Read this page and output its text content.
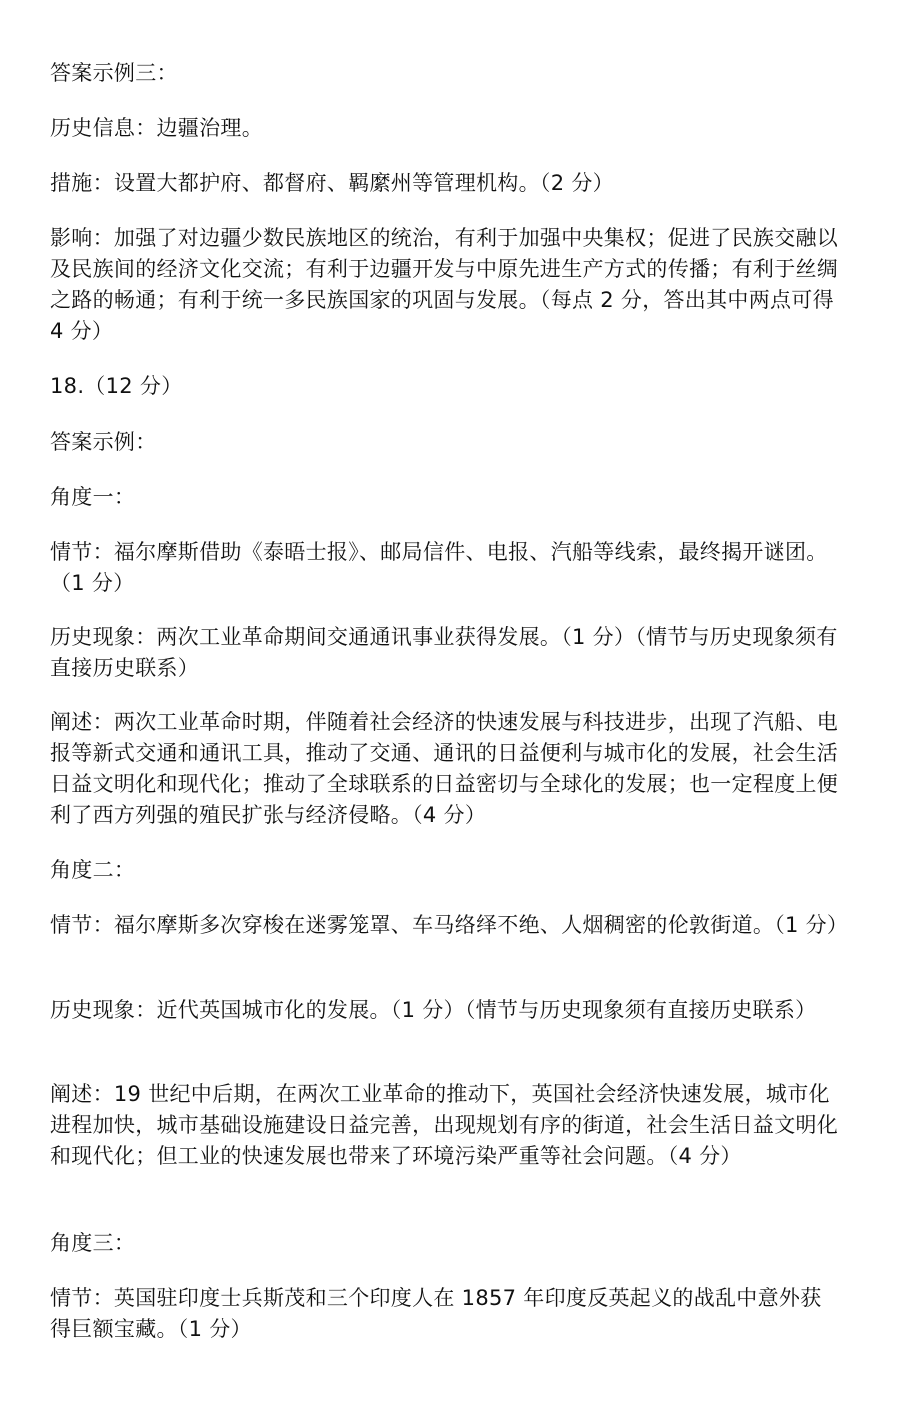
答案示例三：

历史信息：边疆治理。

措施：设置大都护府、都督府、羁縻州等管理机构。（2 分）

影响：加强了对边疆少数民族地区的统治，有利于加强中央集权；促进了民族交融以及民族间的经济文化交流；有利于边疆开发与中原先进生产方式的传播；有利于丝绸之路的畅通；有利于统一多民族国家的巩固与发展。（每点 2 分，答出其中两点可得 4 分）

18.（12 分）

答案示例：

角度一：

情节：福尔摩斯借助《泰晤士报》、邮局信件、电报、汽船等线索，最终揭开谜团。（1 分）

历史现象：两次工业革命期间交通通讯事业获得发展。（1 分）（情节与历史现象须有直接历史联系）

阐述：两次工业革命时期，伴随着社会经济的快速发展与科技进步，出现了汽船、电报等新式交通和通讯工具，推动了交通、通讯的日益便利与城市化的发展，社会生活日益文明化和现代化；推动了全球联系的日益密切与全球化的发展；也一定程度上便利了西方列强的殖民扩张与经济侵略。（4 分）

角度二：

情节：福尔摩斯多次穿梭在迷雾笼罩、车马络绎不绝、人烟稠密的伦敦街道。（1 分）

历史现象：近代英国城市化的发展。（1 分）（情节与历史现象须有直接历史联系）

阐述：19 世纪中后期，在两次工业革命的推动下，英国社会经济快速发展，城市化进程加快，城市基础设施建设日益完善，出现规划有序的街道，社会生活日益文明化和现代化；但工业的快速发展也带来了环境污染严重等社会问题。（4 分）

角度三：

情节：英国驻印度士兵斯茂和三个印度人在 1857 年印度反英起义的战乱中意外获得巨额宝藏。（1 分）
